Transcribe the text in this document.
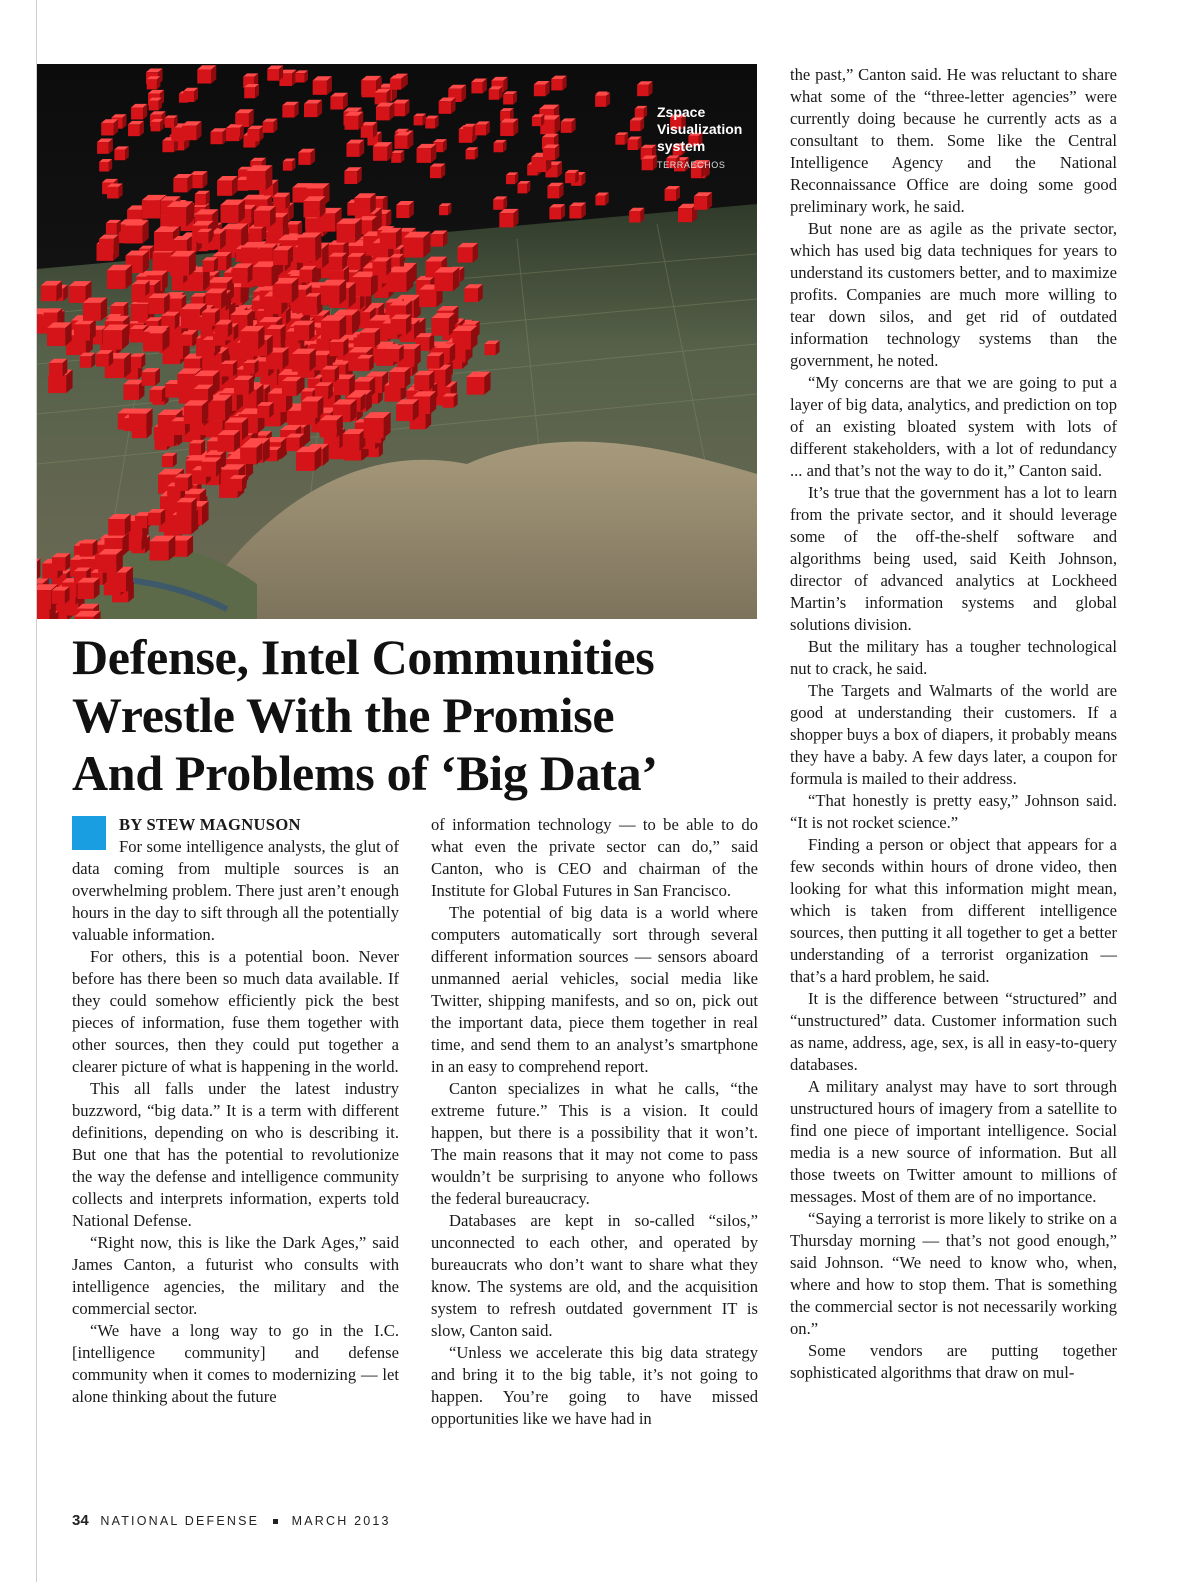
Zspace
Visualization
system
TERRAECHOS
Defense, Intel Communities
Wrestle With the Promise
And Problems of ‘Big Data’
BY STEW MAGNUSON

For some intelligence analysts, the glut of data coming from multiple sources is an overwhelming problem. There just aren’t enough hours in the day to sift through all the potentially valuable information.

For others, this is a potential boon. Never before has there been so much data available. If they could somehow efficiently pick the best pieces of information, fuse them together with other sources, then they could put together a clearer picture of what is happening in the world.

This all falls under the latest industry buzzword, “big data.” It is a term with different definitions, depending on who is describing it. But one that has the potential to revolutionize the way the defense and intelligence community collects and interprets information, experts told National Defense.

“Right now, this is like the Dark Ages,” said James Canton, a futurist who consults with intelligence agencies, the military and the commercial sector.

“We have a long way to go in the I.C. [intelligence community] and defense community when it comes to modernizing — let alone thinking about the future

of information technology — to be able to do what even the private sector can do,” said Canton, who is CEO and chairman of the Institute for Global Futures in San Francisco.

The potential of big data is a world where computers automatically sort through several different information sources — sensors aboard unmanned aerial vehicles, social media like Twitter, shipping manifests, and so on, pick out the important data, piece them together in real time, and send them to an analyst’s smartphone in an easy to comprehend report.

Canton specializes in what he calls, “the extreme future.” This is a vision. It could happen, but there is a possibility that it won’t. The main reasons that it may not come to pass wouldn’t be surprising to anyone who follows the federal bureaucracy.

Databases are kept in so-called “silos,” unconnected to each other, and operated by bureaucrats who don’t want to share what they know. The systems are old, and the acquisition system to refresh outdated government IT is slow, Canton said.

“Unless we accelerate this big data strategy and bring it to the big table, it’s not going to happen. You’re going to have missed opportunities like we have had in

the past,” Canton said. He was reluctant to share what some of the “three-letter agencies” were currently doing because he currently acts as a consultant to them. Some like the Central Intelligence Agency and the National Reconnaissance Office are doing some good preliminary work, he said.

But none are as agile as the private sector, which has used big data techniques for years to understand its customers better, and to maximize profits. Companies are much more willing to tear down silos, and get rid of outdated information technology systems than the government, he noted.

“My concerns are that we are going to put a layer of big data, analytics, and prediction on top of an existing bloated system with lots of different stakeholders, with a lot of redundancy ... and that’s not the way to do it,” Canton said.

It’s true that the government has a lot to learn from the private sector, and it should leverage some of the off-the-shelf software and algorithms being used, said Keith Johnson, director of advanced analytics at Lockheed Martin’s information systems and global solutions division.

But the military has a tougher technological nut to crack, he said.

The Targets and Walmarts of the world are good at understanding their customers. If a shopper buys a box of diapers, it probably means they have a baby. A few days later, a coupon for formula is mailed to their address.

“That honestly is pretty easy,” Johnson said. “It is not rocket science.”

Finding a person or object that appears for a few seconds within hours of drone video, then looking for what this information might mean, which is taken from different intelligence sources, then putting it all together to get a better understanding of a terrorist organization — that’s a hard problem, he said.

It is the difference between “structured” and “unstructured” data. Customer information such as name, address, age, sex, is all in easy-to-query databases.

A military analyst may have to sort through unstructured hours of imagery from a satellite to find one piece of important intelligence. Social media is a new source of information. But all those tweets on Twitter amount to millions of messages. Most of them are of no importance.

“Saying a terrorist is more likely to strike on a Thursday morning — that’s not good enough,” said Johnson. “We need to know who, when, where and how to stop them. That is something the commercial sector is not necessarily working on.”

Some vendors are putting together sophisticated algorithms that draw on mul-

34 NATIONAL DEFENSE	MARCH 2013
